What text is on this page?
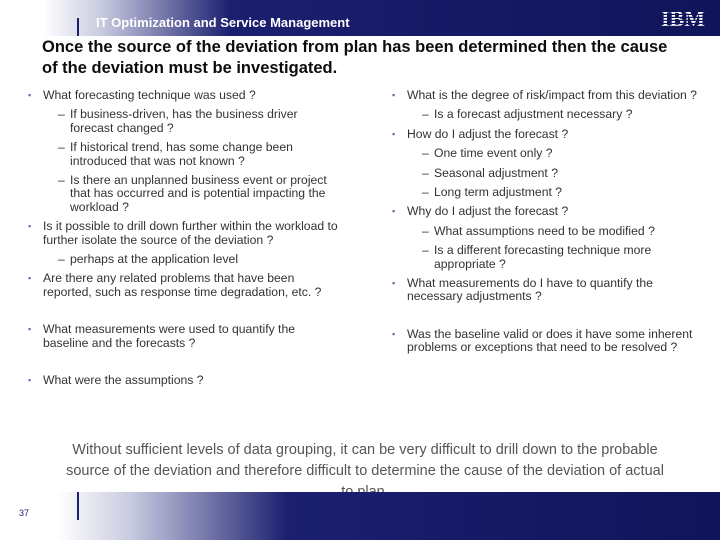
IT Optimization and Service Management	IBM
Once the source of the deviation from plan has been determined then the cause of the deviation must be investigated.

▪ What forecasting technique was used ?

– If business-driven, has the business driver forecast changed ?

– If historical trend, has some change been introduced that was not known ?

– Is there an unplanned business event or project that has occurred and is potential impacting the workload ?

▪ Is it possible to drill down further within the workload to further isolate the source of the deviation ?

– perhaps at the application level

▪ Are there any related problems that have been reported, such as response time degradation, etc. ?

▪ What measurements were used to quantify the baseline and the forecasts ?

▪ What were the assumptions ?

▪ What is the degree of risk/impact from this deviation ?

– Is a forecast adjustment necessary ?

▪ How do I adjust the forecast ?

– One time event only ?

– Seasonal adjustment ?

– Long term adjustment ?

▪ Why do I adjust the forecast ?

– What assumptions need to be modified ?

– Is a different forecasting technique more appropriate ?

▪ What measurements do I have to quantify the necessary adjustments ?

▪ Was the baseline valid or does it have some inherent problems or exceptions that need to be resolved ?

Without sufficient levels of data grouping, it can be very difficult to drill down to the probable source of the deviation and therefore difficult to determine the cause of the deviation of actual
37
